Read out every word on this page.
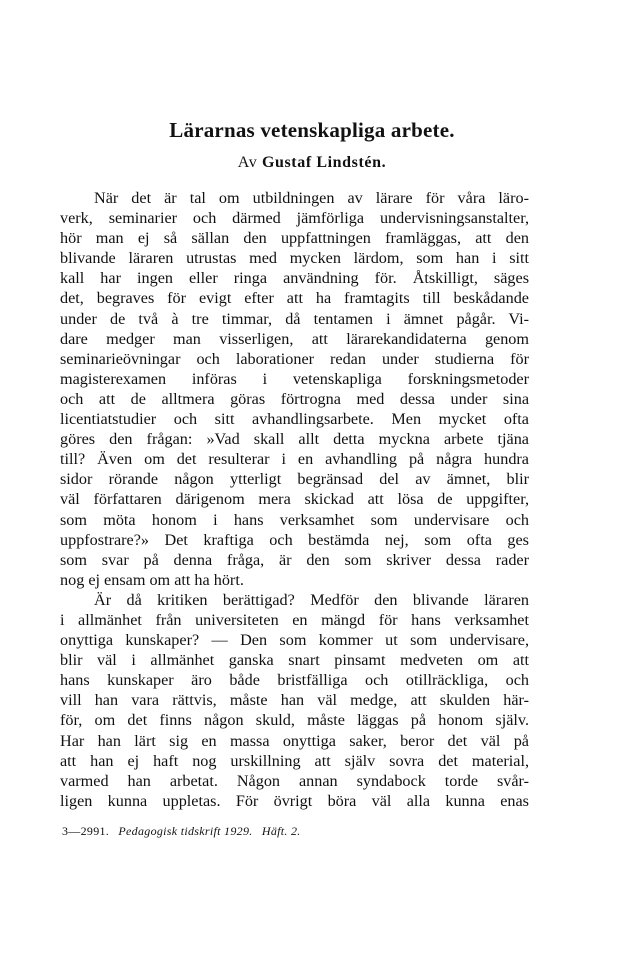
Lärarnas vetenskapliga arbete.
Av Gustaf Lindstén.
När det är tal om utbildningen av lärare för våra läro-
verk, seminarier och därmed jämförliga undervisningsanstalter,
hör man ej så sällan den uppfattningen framläggas, att den
blivande läraren utrustas med mycken lärdom, som han i sitt
kall har ingen eller ringa användning för. Åtskilligt, säges
det, begraves för evigt efter att ha framtagits till beskådande
under de två à tre timmar, då tentamen i ämnet pågår. Vi-
dare medger man visserligen, att lärarekandidaterna genom
seminarieövningar och laborationer redan under studierna för
magisterexamen införas i vetenskapliga forskningsmetoder
och att de alltmera göras förtrogna med dessa under sina
licentiatstudier och sitt avhandlingsarbete. Men mycket ofta
göres den frågan: »Vad skall allt detta myckna arbete tjäna
till? Även om det resulterar i en avhandling på några hundra
sidor rörande någon ytterligt begränsad del av ämnet, blir
väl författaren därigenom mera skickad att lösa de uppgifter,
som möta honom i hans verksamhet som undervisare och
uppfostrare?» Det kraftiga och bestämda nej, som ofta ges
som svar på denna fråga, är den som skriver dessa rader
nog ej ensam om att ha hört.
Är då kritiken berättigad? Medför den blivande läraren
i allmänhet från universiteten en mängd för hans verksamhet
onyttiga kunskaper? — Den som kommer ut som undervisare,
blir väl i allmänhet ganska snart pinsamt medveten om att
hans kunskaper äro både bristfälliga och otillräckliga, och
vill han vara rättvis, måste han väl medge, att skulden här-
för, om det finns någon skuld, måste läggas på honom själv.
Har han lärt sig en massa onyttiga saker, beror det väl på
att han ej haft nog urskillning att själv sovra det material,
varmed han arbetat. Någon annan syndabock torde svår-
ligen kunna uppletas. För övrigt böra väl alla kunna enas
3—2991. Pedagogisk tidskrift 1929. Häft. 2.
